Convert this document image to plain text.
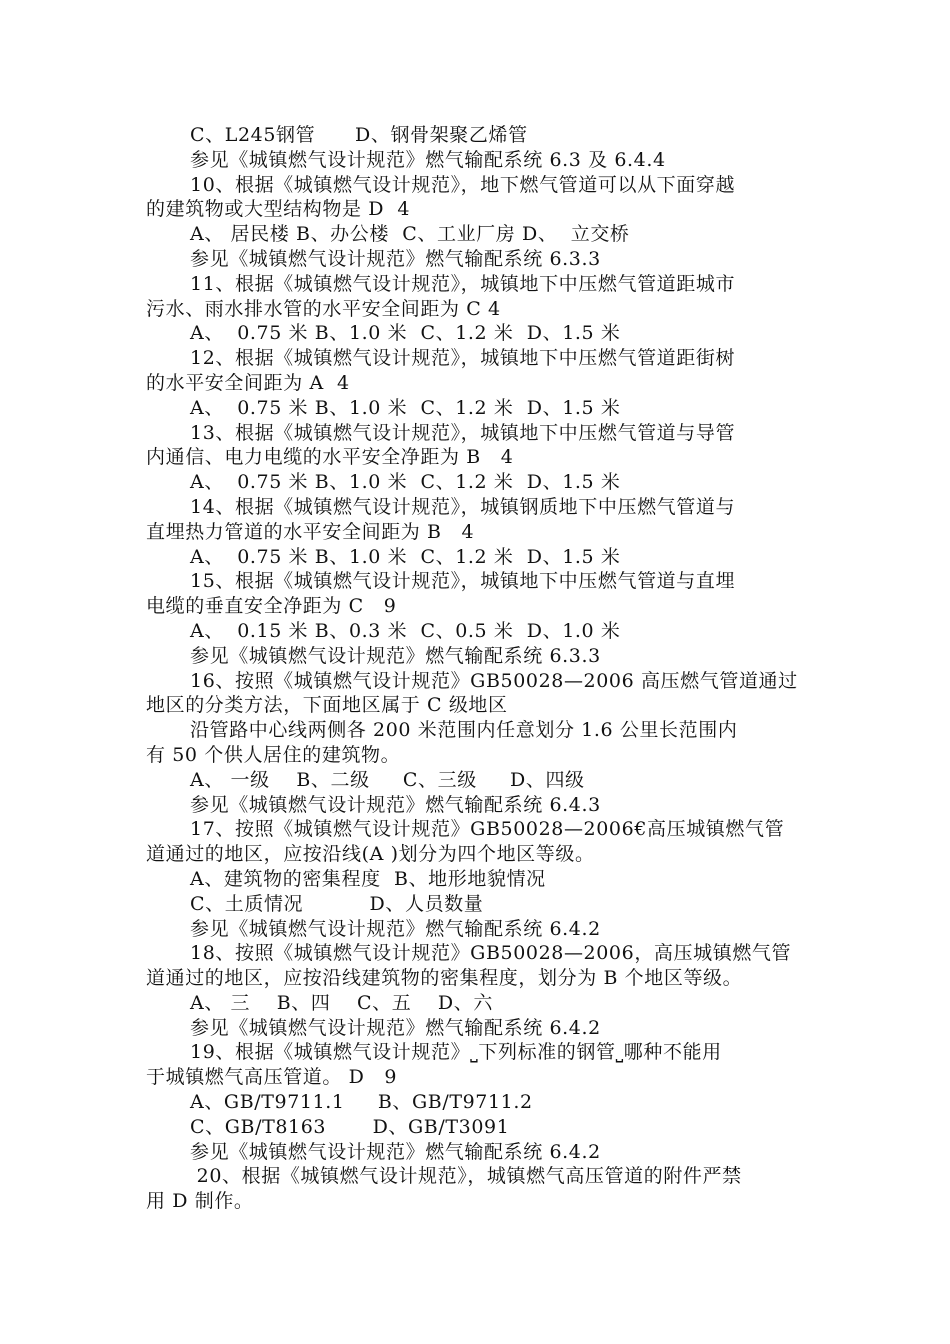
C、L245钢管      D、钢骨架聚乙烯管
参见《城镇燃气设计规范》燃气输配系统 6.3 及 6.4.4
10、根据《城镇燃气设计规范》，地下燃气管道可以从下面穿越
的建筑物或大型结构物是 D  4
A、 居民楼 B、办公楼  C、工业厂房 D、  立交桥
参见《城镇燃气设计规范》燃气输配系统 6.3.3
11、根据《城镇燃气设计规范》，城镇地下中压燃气管道距城市
污水、雨水排水管的水平安全间距为 C 4
A、  0.75 米 B、1.0 米  C、1.2 米  D、1.5 米
12、根据《城镇燃气设计规范》，城镇地下中压燃气管道距街树
的水平安全间距为 A  4
A、  0.75 米 B、1.0 米  C、1.2 米  D、1.5 米
13、根据《城镇燃气设计规范》，城镇地下中压燃气管道与导管
内通信、电力电缆的水平安全净距为 B   4
A、  0.75 米 B、1.0 米  C、1.2 米  D、1.5 米
14、根据《城镇燃气设计规范》，城镇钢质地下中压燃气管道与
直埋热力管道的水平安全间距为 B   4
A、  0.75 米 B、1.0 米  C、1.2 米  D、1.5 米
15、根据《城镇燃气设计规范》，城镇地下中压燃气管道与直埋
电缆的垂直安全净距为 C   9
A、  0.15 米 B、0.3 米  C、0.5 米  D、1.0 米
参见《城镇燃气设计规范》燃气输配系统 6.3.3
16、按照《城镇燃气设计规范》GB50028—2006 高压燃气管道通过
地区的分类方法，下面地区属于 C 级地区
沿管路中心线两侧各 200 米范围内任意划分 1.6 公里长范围内
有 50 个供人居住的建筑物。
A、 一级    B、二级     C、三级     D、四级
参见《城镇燃气设计规范》燃气输配系统 6.4.3
17、按照《城镇燃气设计规范》GB50028—2006€高压城镇燃气管
道通过的地区，应按沿线(A )划分为四个地区等级。
A、建筑物的密集程度  B、地形地貌情况
C、土质情况          D、人员数量
参见《城镇燃气设计规范》燃气输配系统 6.4.2
18、按照《城镇燃气设计规范》GB50028—2006，高压城镇燃气管
道通过的地区，应按沿线建筑物的密集程度，划分为 B 个地区等级。
A、 三    B、四    C、五    D、六
参见《城镇燃气设计规范》燃气输配系统 6.4.2
19、根据《城镇燃气设计规范》⎵下列标准的钢管⎵哪种不能用
于城镇燃气高压管道。 D   9
A、GB/T9711.1     B、GB/T9711.2
C、GB/T8163       D、GB/T3091
参见《城镇燃气设计规范》燃气输配系统 6.4.2
20、根据《城镇燃气设计规范》，城镇燃气高压管道的附件严禁
用 D 制作。
